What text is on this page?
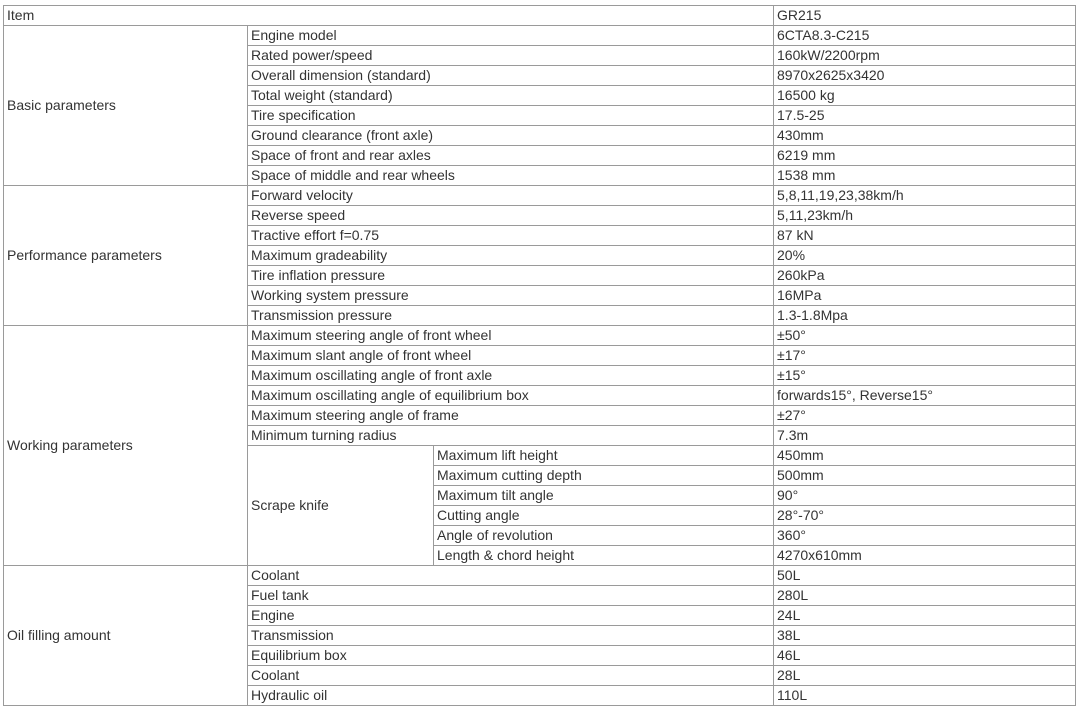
Item			GR215
Basic parameters	Engine model		6CTA8.3-C215
	Rated power/speed		160kW/2200rpm
	Overall dimension (standard)		8970x2625x3420
	Total weight (standard)		16500 kg
	Tire specification		17.5-25
	Ground clearance (front axle)		430mm
	Space of front and rear axles		6219 mm
	Space of middle and rear wheels		1538 mm
Performance parameters	Forward velocity		5,8,11,19,23,38km/h
	Reverse speed		5,11,23km/h
	Tractive effort f=0.75		87 kN
	Maximum gradeability		20%
	Tire inflation pressure		260kPa
	Working system pressure		16MPa
	Transmission pressure		1.3-1.8Mpa
Working parameters	Maximum steering angle of front wheel		±50°
	Maximum slant angle of front wheel		±17°
	Maximum oscillating angle of front axle		±15°
	Maximum oscillating angle of equilibrium box		forwards15°, Reverse15°
	Maximum steering angle of frame		±27°
	Minimum turning radius		7.3m
	Scrape knife	Maximum lift height	450mm
		Maximum cutting depth	500mm
		Maximum tilt angle	90°
		Cutting angle	28°-70°
		Angle of revolution	360°
		Length & chord height	4270x610mm
Oil filling amount	Coolant		50L
	Fuel tank		280L
	Engine		24L
	Transmission		38L
	Equilibrium box		46L
	Coolant		28L
	Hydraulic oil		110L
